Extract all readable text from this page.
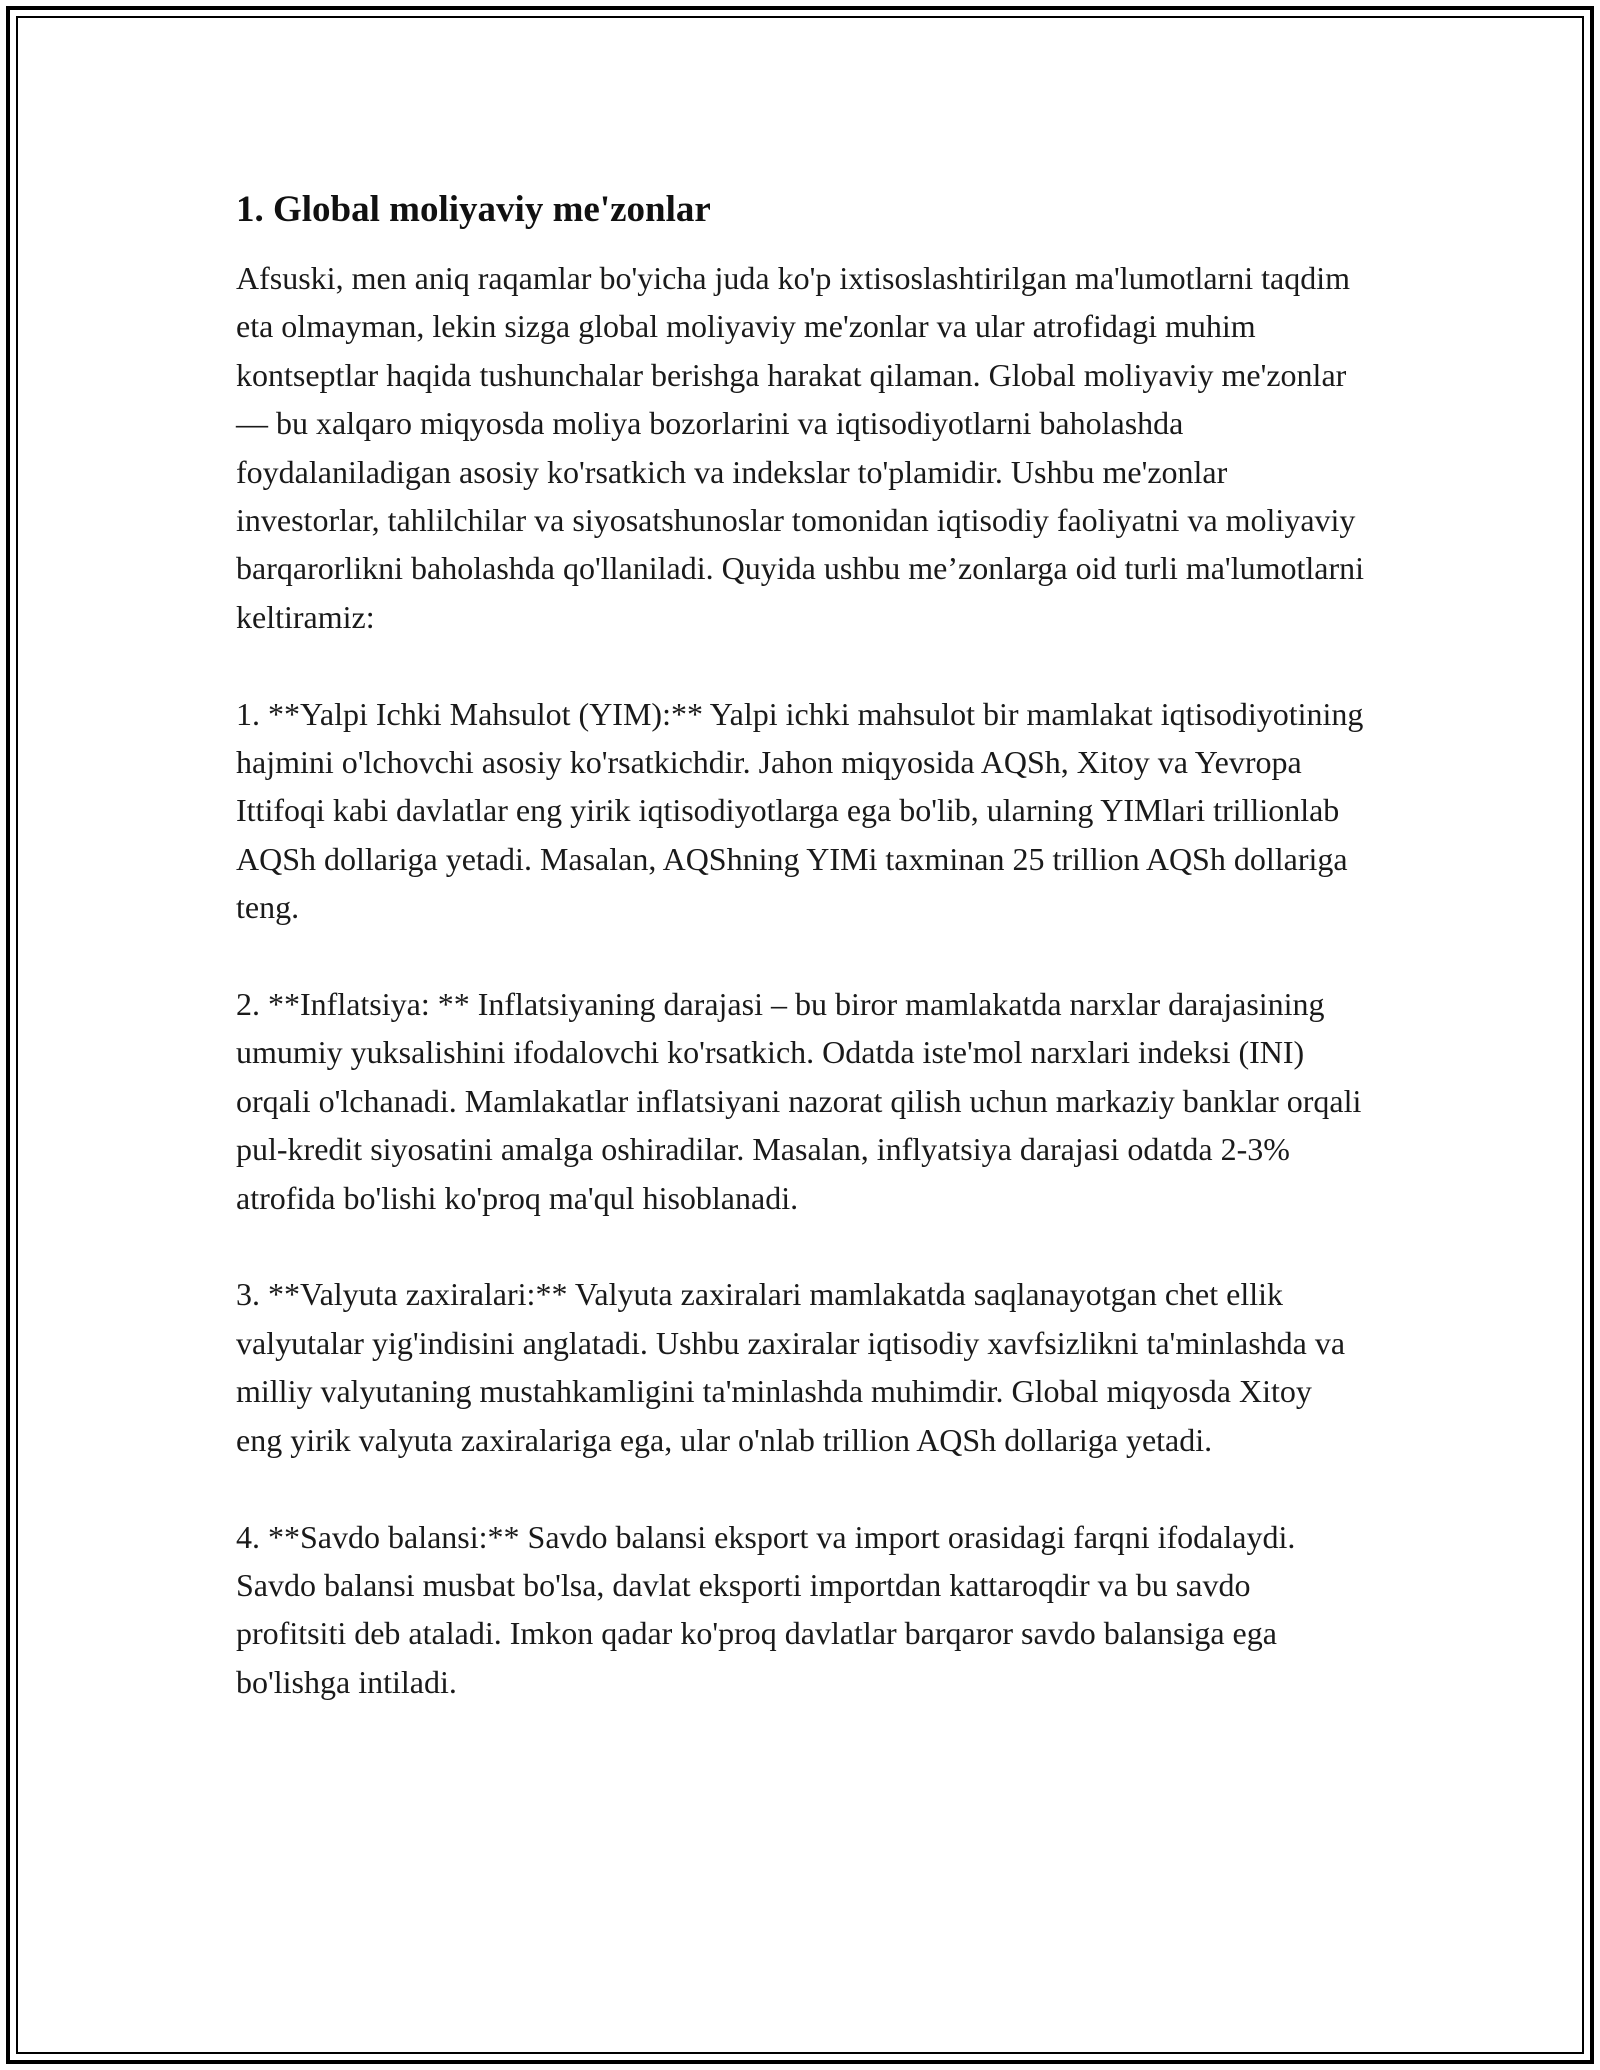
1. Global moliyaviy me'zonlar

Afsuski, men aniq raqamlar bo'yicha juda ko'p ixtisoslashtirilgan ma'lumotlarni taqdim eta olmayman, lekin sizga global moliyaviy me'zonlar va ular atrofidagi muhim kontseptlar haqida tushunchalar berishga harakat qilaman. Global moliyaviy me'zonlar — bu xalqaro miqyosda moliya bozorlarini va iqtisodiyotlarni baholashda foydalaniladigan asosiy ko'rsatkich va indekslar to'plamidir. Ushbu me'zonlar investorlar, tahlilchilar va siyosatshunoslar tomonidan iqtisodiy faoliyatni va moliyaviy barqarorlikni baholashda qo'llaniladi. Quyida ushbu me’zonlarga oid turli ma'lumotlarni keltiramiz:

1. **Yalpi Ichki Mahsulot (YIM):** Yalpi ichki mahsulot bir mamlakat iqtisodiyotining hajmini o'lchovchi asosiy ko'rsatkichdir. Jahon miqyosida AQSh, Xitoy va Yevropa Ittifoqi kabi davlatlar eng yirik iqtisodiyotlarga ega bo'lib, ularning YIMlari trillionlab AQSh dollariga yetadi. Masalan, AQShning YIMi taxminan 25 trillion AQSh dollariga teng.

2. **Inflatsiya: ** Inflatsiyaning darajasi – bu biror mamlakatda narxlar darajasining umumiy yuksalishini ifodalovchi ko'rsatkich. Odatda iste'mol narxlari indeksi (INI) orqali o'lchanadi. Mamlakatlar inflatsiyani nazorat qilish uchun markaziy banklar orqali pul-kredit siyosatini amalga oshiradilar. Masalan, inflyatsiya darajasi odatda 2-3% atrofida bo'lishi ko'proq ma'qul hisoblanadi.

3. **Valyuta zaxiralari:** Valyuta zaxiralari mamlakatda saqlanayotgan chet ellik valyutalar yig'indisini anglatadi. Ushbu zaxiralar iqtisodiy xavfsizlikni ta'minlashda va milliy valyutaning mustahkamligini ta'minlashda muhimdir. Global miqyosda Xitoy eng yirik valyuta zaxiralariga ega, ular o'nlab trillion AQSh dollariga yetadi.

4. **Savdo balansi:** Savdo balansi eksport va import orasidagi farqni ifodalaydi. Savdo balansi musbat bo'lsa, davlat eksporti importdan kattaroqdir va bu savdo profitsiti deb ataladi. Imkon qadar ko'proq davlatlar barqaror savdo balansiga ega bo'lishga intiladi.
